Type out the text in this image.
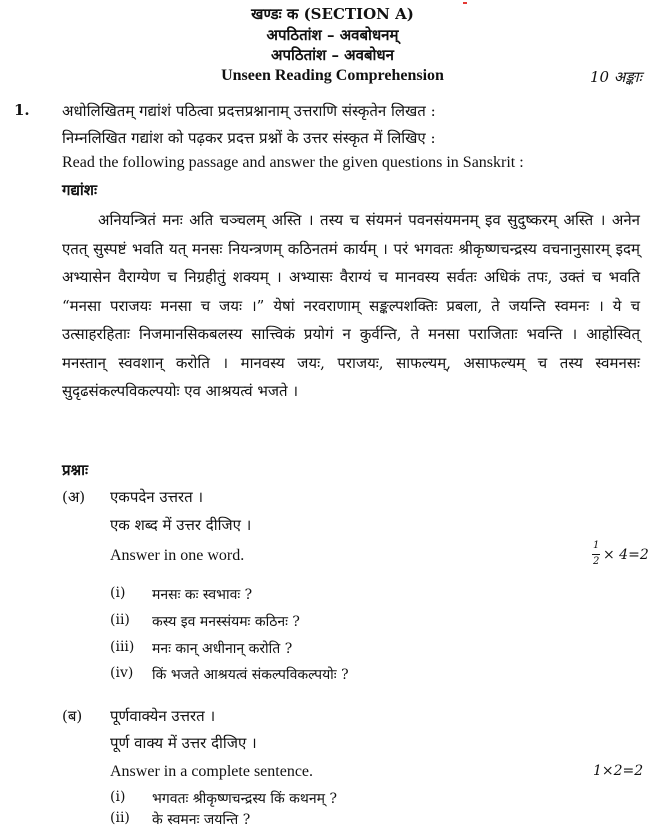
खण्डः क (SECTION A)
अपठितांश – अवबोधनम्
अपठितांश – अवबोधन
Unseen Reading Comprehension	10 अङ्काः
1. अधोलिखितम् गद्यांशं पठित्वा प्रदत्तप्रश्नानाम् उत्तराणि संस्कृतेन लिखत :
निम्नलिखित गद्यांश को पढ़कर प्रदत्त प्रश्नों के उत्तर संस्कृत में लिखिए :
Read the following passage and answer the given questions in Sanskrit :
गद्यांशः
अनियन्त्रितं मनः अति चञ्चलम् अस्ति । तस्य च संयमनं पवनसंयमनम् इव सुदुष्करम् अस्ति । अनेन एतत् सुस्पष्टं भवति यत् मनसः नियन्त्रणम् कठिनतमं कार्यम् । परं भगवतः श्रीकृष्णचन्द्रस्य वचनानुसारम् इदम् अभ्यासेन वैराग्येण च निग्रहीतुं शक्यम् । अभ्यासः वैराग्यं च मानवस्य सर्वतः अधिकं तपः, उक्तं च भवति “मनसा पराजयः मनसा च जयः ।” येषां नरवराणाम् सङ्कल्पशक्तिः प्रबला, ते जयन्ति स्वमनः । ये च उत्साहरहिताः निजमानसिकबलस्य सात्त्विकं प्रयोगं न कुर्वन्ति, ते मनसा पराजिताः भवन्ति । आहोस्वित् मनस्तान् स्ववशान् करोति । मानवस्य जयः, पराजयः, साफल्यम्, असाफल्यम् च तस्य स्वमनसः सुदृढसंकल्पविकल्पयोः एव आश्रयत्वं भजते ।
प्रश्नाः
(अ) एकपदेन उत्तरत ।
एक शब्द में उत्तर दीजिए ।
Answer in one word.
1
2 × 4=2
(i) मनसः कः स्वभावः ?
(ii) कस्य इव मनस्संयमः कठिनः ?
(iii) मनः कान् अधीनान् करोति ?
(iv) किं भजते आश्रयत्वं संकल्पविकल्पयोः ?
(ब) पूर्णवाक्येन उत्तरत ।
पूर्ण वाक्य में उत्तर दीजिए ।
Answer in a complete sentence.	1×2=2
(i) भगवतः श्रीकृष्णचन्द्रस्य किं कथनम् ?
(ii) के स्वमनः जयन्ति ?
